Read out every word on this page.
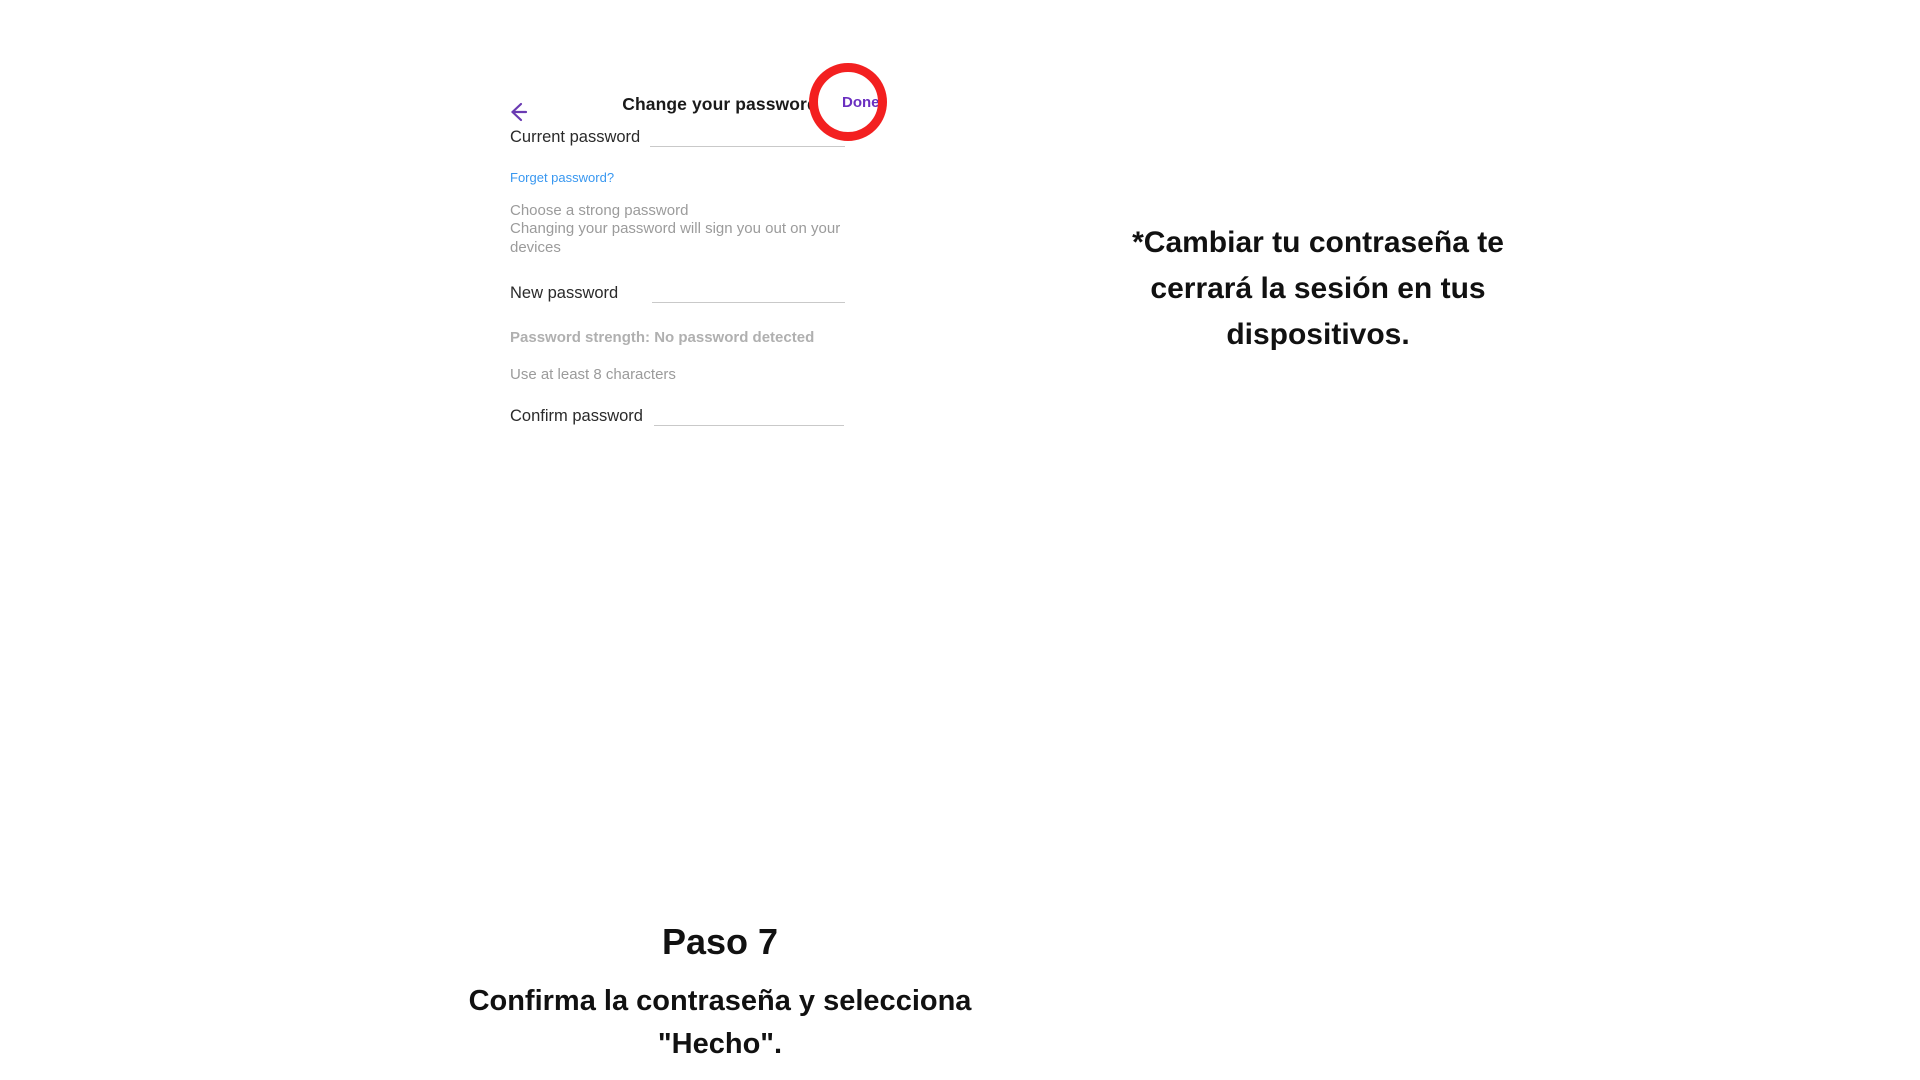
Change your password	Done
Current password
Forget password?
Choose a strong password
Changing your password will sign you out on your devices
New password
Password strength: No password detected
Use at least 8 characters
Confirm password
*Cambiar tu contraseña te cerrará la sesión en tus dispositivos.
Paso 7
Confirma la contraseña y selecciona "Hecho".
